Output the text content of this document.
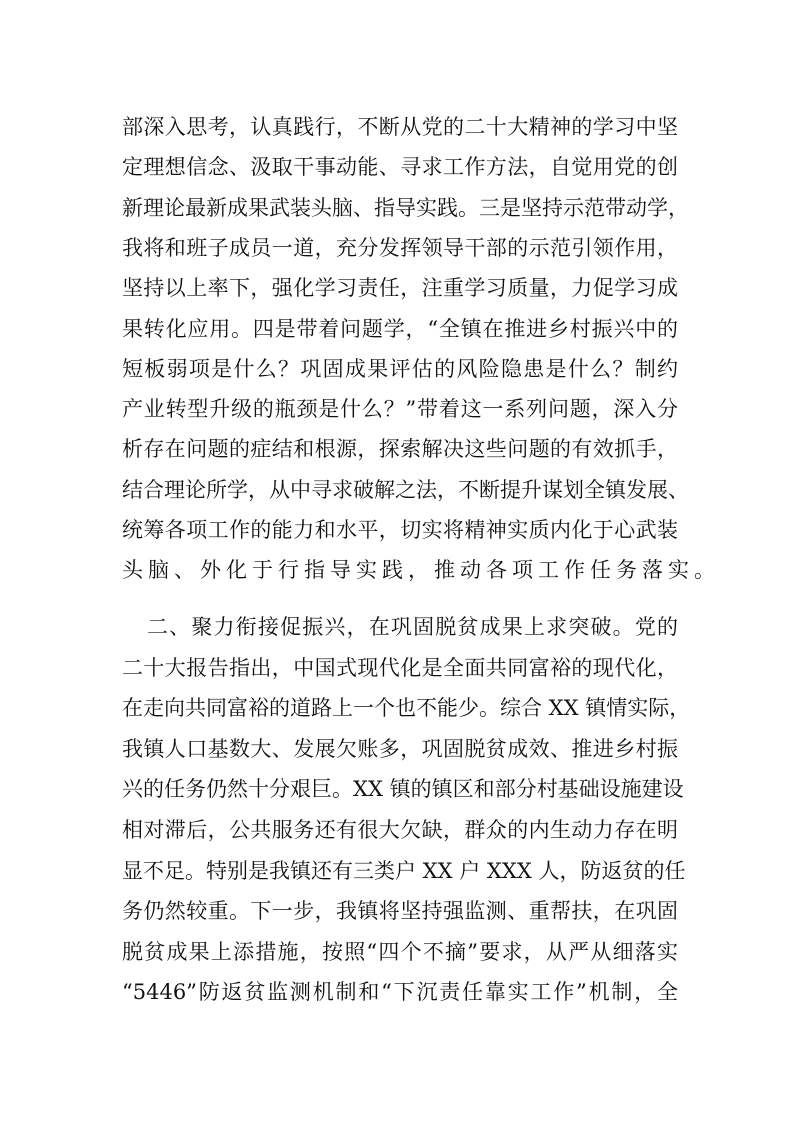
部深入思考，认真践行，不断从党的二十大精神的学习中坚
定理想信念、汲取干事动能、寻求工作方法，自觉用党的创
新理论最新成果武装头脑、指导实践。三是坚持示范带动学，
我将和班子成员一道，充分发挥领导干部的示范引领作用，
坚持以上率下，强化学习责任，注重学习质量，力促学习成
果转化应用。四是带着问题学，“全镇在推进乡村振兴中的
短板弱项是什么？巩固成果评估的风险隐患是什么？制约
产业转型升级的瓶颈是什么？”带着这一系列问题，深入分
析存在问题的症结和根源，探索解决这些问题的有效抓手，
结合理论所学，从中寻求破解之法，不断提升谋划全镇发展、
统筹各项工作的能力和水平，切实将精神实质内化于心武装
头脑、外化于行指导实践，推动各项工作任务落实。
二、聚力衔接促振兴，在巩固脱贫成果上求突破。党的
二十大报告指出，中国式现代化是全面共同富裕的现代化，
在走向共同富裕的道路上一个也不能少。综合 XX 镇情实际，
我镇人口基数大、发展欠账多，巩固脱贫成效、推进乡村振
兴的任务仍然十分艰巨。XX 镇的镇区和部分村基础设施建设
相对滞后，公共服务还有很大欠缺，群众的内生动力存在明
显不足。特别是我镇还有三类户 XX 户 XXX 人，防返贫的任
务仍然较重。下一步，我镇将坚持强监测、重帮扶，在巩固
脱贫成果上添措施，按照“四个不摘”要求，从严从细落实
“5446”防返贫监测机制和“下沉责任靠实工作”机制，全
